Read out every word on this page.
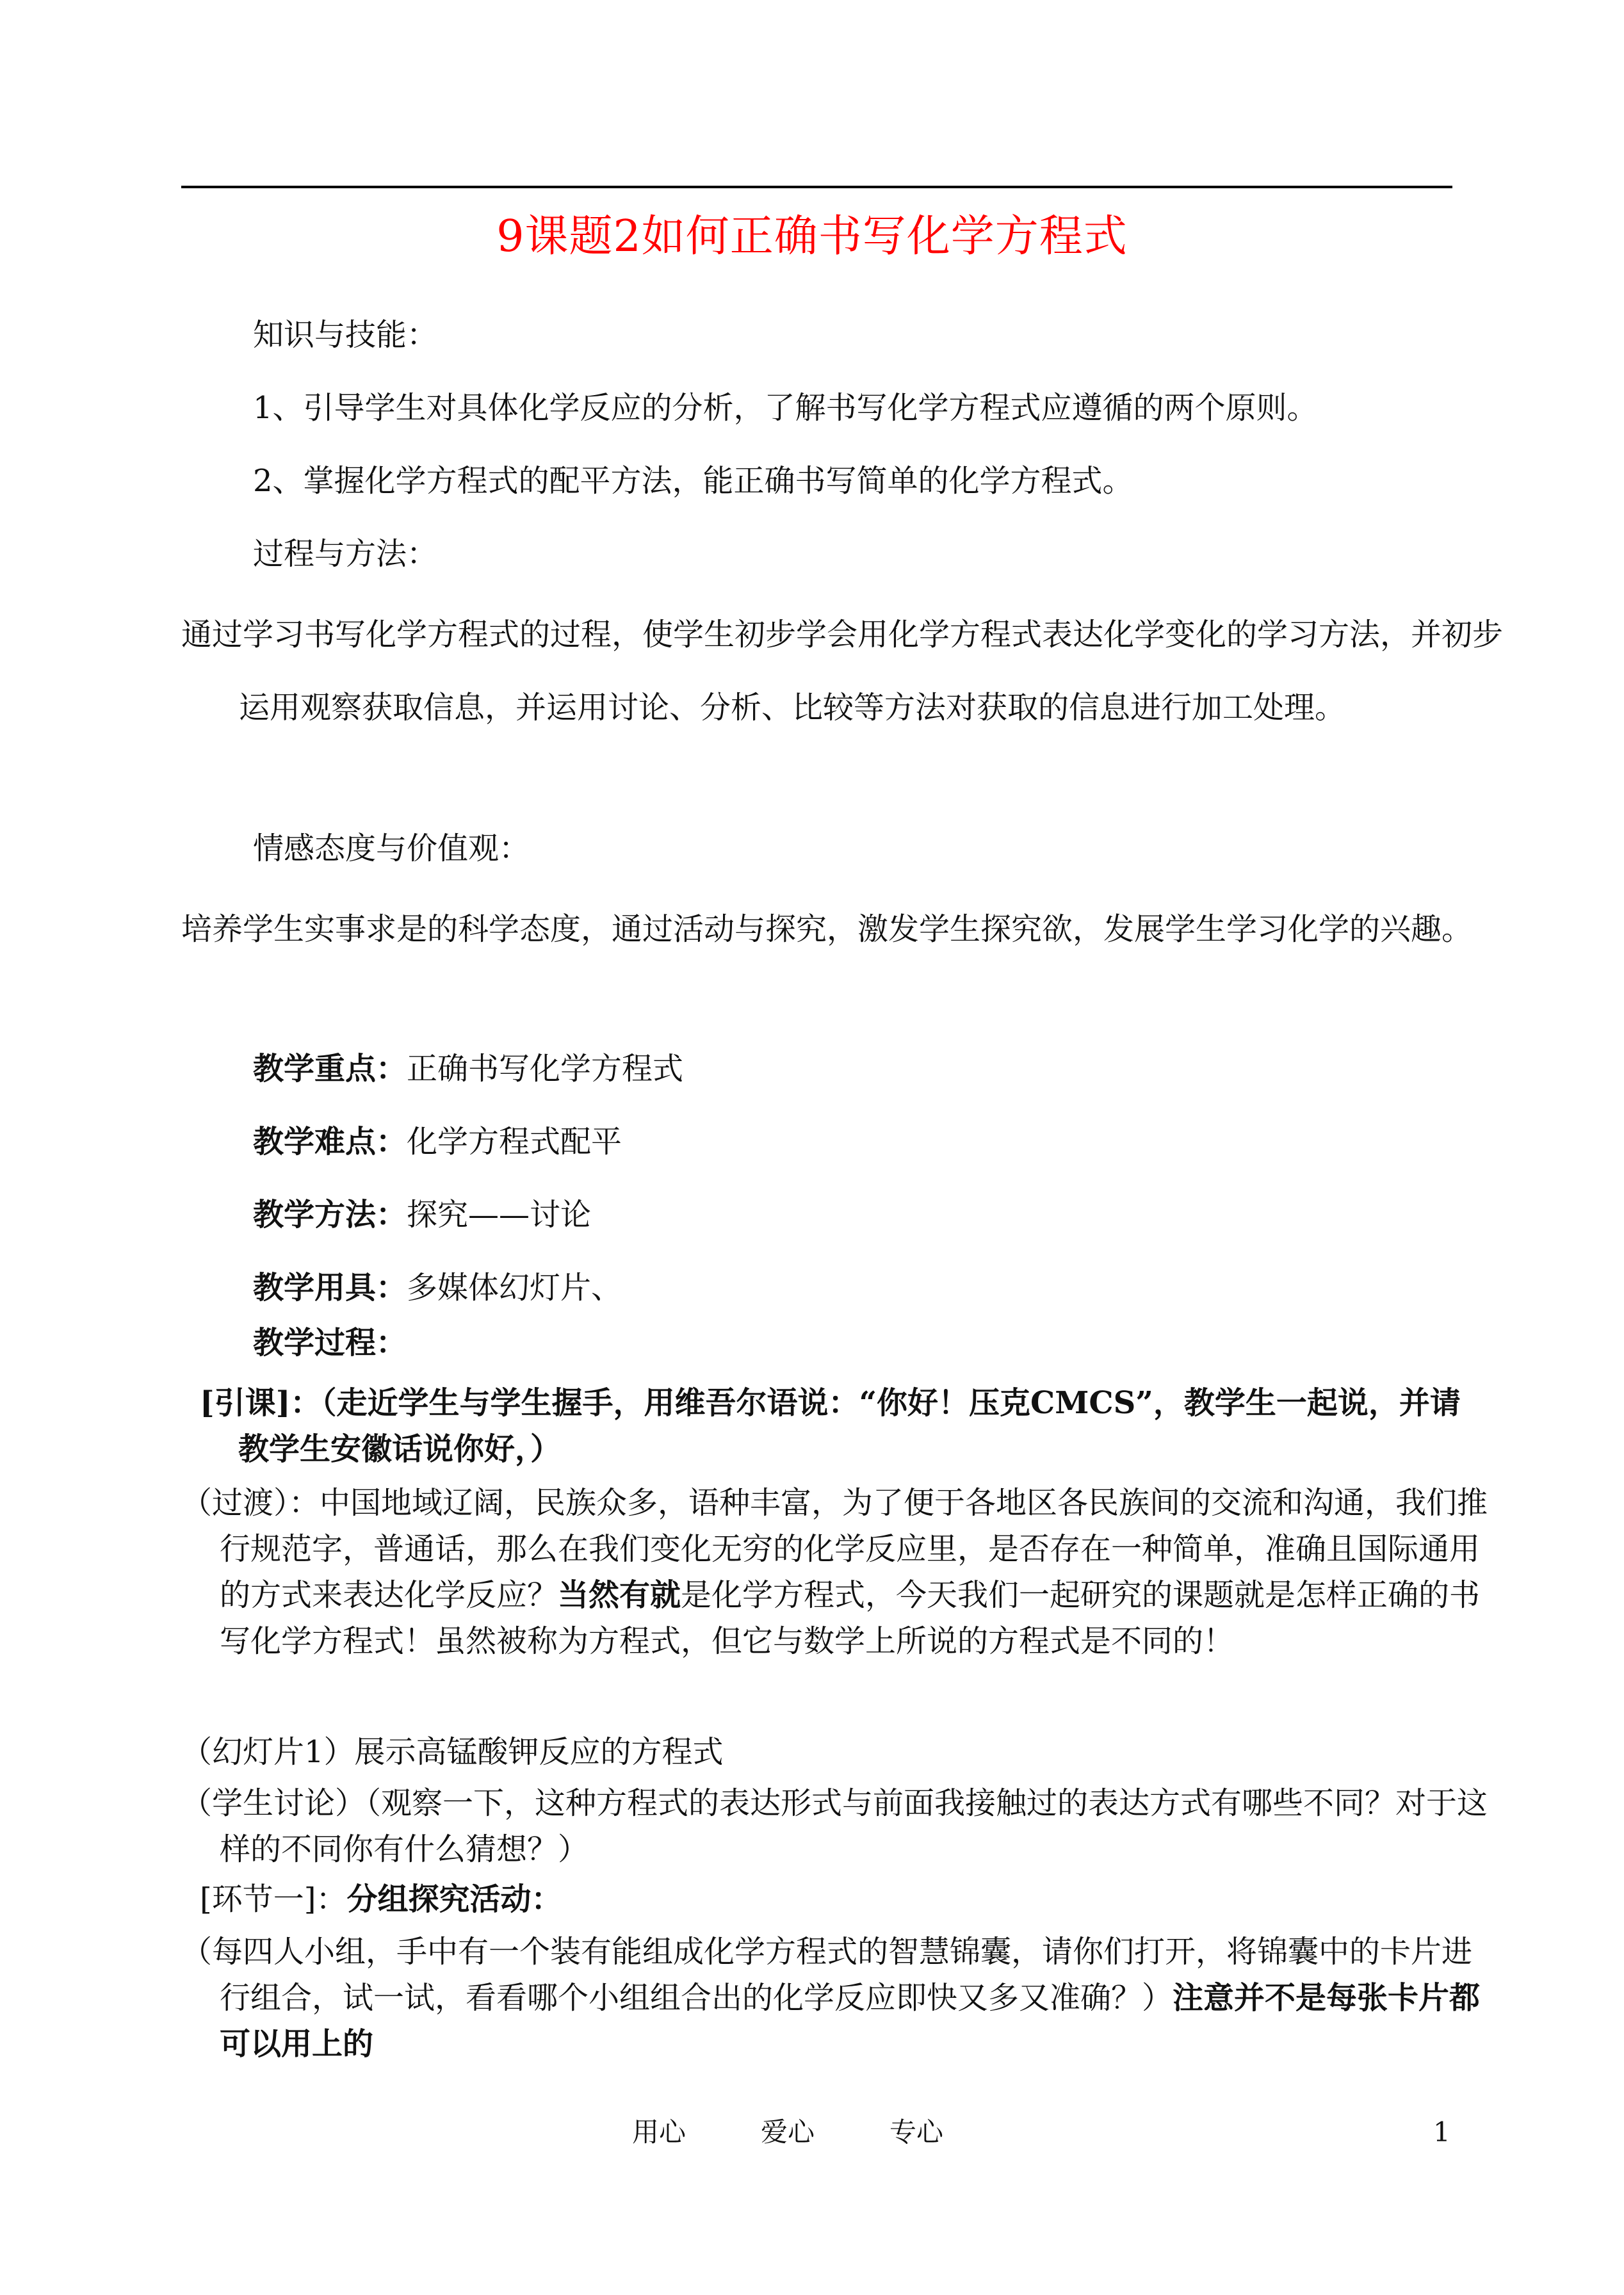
9课题2如何正确书写化学方程式
知识与技能：
1、引导学生对具体化学反应的分析，了解书写化学方程式应遵循的两个原则。
2、掌握化学方程式的配平方法，能正确书写简单的化学方程式。
过程与方法：
通过学习书写化学方程式的过程，使学生初步学会用化学方程式表达化学变化的学习方法，并初步运用观察获取信息，并运用讨论、分析、比较等方法对获取的信息进行加工处理。
情感态度与价值观：
培养学生实事求是的科学态度，通过活动与探究，激发学生探究欲，发展学生学习化学的兴趣。
教学重点：正确书写化学方程式
教学难点：化学方程式配平
教学方法：探究——讨论
教学用具：多媒体幻灯片、
教学过程：
[引课]：（走近学生与学生握手，用维吾尔语说：“你好！压克CMCS”，教学生一起说，并请教学生安徽话说你好，）
（过渡）：中国地域辽阔，民族众多，语种丰富，为了便于各地区各民族间的交流和沟通，我们推行规范字，普通话，那么在我们变化无穷的化学反应里，是否存在一种简单，准确且国际通用的方式来表达化学反应？当然有就是化学方程式，今天我们一起研究的课题就是怎样正确的书写化学方程式！虽然被称为方程式，但它与数学上所说的方程式是不同的！
（幻灯片1）展示高锰酸钾反应的方程式
（学生讨论）（观察一下，这种方程式的表达形式与前面我接触过的表达方式有哪些不同？对于这样的不同你有什么猜想？）
[环节一]：分组探究活动：
（每四人小组，手中有一个装有能组成化学方程式的智慧锦囊，请你们打开，将锦囊中的卡片进行组合，试一试，看看哪个小组组合出的化学反应即快又多又准确？）注意并不是每张卡片都可以用上的
用心	爱心	专心	1
